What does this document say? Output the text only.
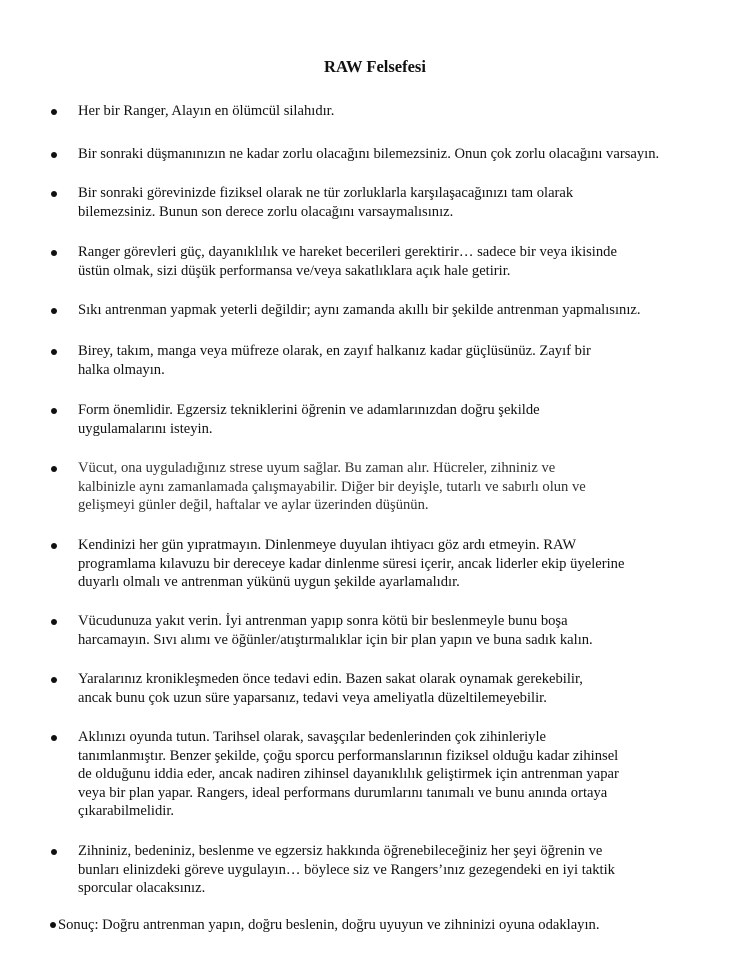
RAW Felsefesi
Her bir Ranger, Alayın en ölümcül silahıdır.
Bir sonraki düşmanınızın ne kadar zorlu olacağını bilemezsiniz. Onun çok zorlu olacağını varsayın.
Bir sonraki görevinizde fiziksel olarak ne tür zorluklarla karşılaşacağınızı tam olarak
bilemezsiniz. Bunun son derece zorlu olacağını varsaymalısınız.
Ranger görevleri güç, dayanıklılık ve hareket becerileri gerektirir… sadece bir veya ikisinde
üstün olmak, sizi düşük performansa ve/veya sakatlıklara açık hale getirir.
Sıkı antrenman yapmak yeterli değildir; aynı zamanda akıllı bir şekilde antrenman yapmalısınız.
Birey, takım, manga veya müfreze olarak, en zayıf halkanız kadar güçlüsünüz. Zayıf bir
halka olmayın.
Form önemlidir. Egzersiz tekniklerini öğrenin ve adamlarınızdan doğru şekilde
uygulamalarını isteyin.
Vücut, ona uyguladığınız strese uyum sağlar. Bu zaman alır. Hücreler, zihniniz ve
kalbinizle aynı zamanlamada çalışmayabilir. Diğer bir deyişle, tutarlı ve sabırlı olun ve
gelişmeyi günler değil, haftalar ve aylar üzerinden düşünün.
Kendinizi her gün yıpratmayın. Dinlenmeye duyulan ihtiyacı göz ardı etmeyin. RAW
programlama kılavuzu bir dereceye kadar dinlenme süresi içerir, ancak liderler ekip üyelerine
duyarlı olmalı ve antrenman yükünü uygun şekilde ayarlamalıdır.
Vücudunuza yakıt verin. İyi antrenman yapıp sonra kötü bir beslenmeyle bunu boşa
harcamayın. Sıvı alımı ve öğünler/atıştırmalıklar için bir plan yapın ve buna sadık kalın.
Yaralarınız kronikleşmeden önce tedavi edin. Bazen sakat olarak oynamak gerekebilir,
ancak bunu çok uzun süre yaparsanız, tedavi veya ameliyatla düzeltilemeyebilir.
Aklınızı oyunda tutun. Tarihsel olarak, savaşçılar bedenlerinden çok zihinleriyle
tanımlanmıştır. Benzer şekilde, çoğu sporcu performanslarının fiziksel olduğu kadar zihinsel
de olduğunu iddia eder, ancak nadiren zihinsel dayanıklılık geliştirmek için antrenman yapar
veya bir plan yapar. Rangers, ideal performans durumlarını tanımalı ve bunu anında ortaya
çıkarabilmelidir.
Zihniniz, bedeniniz, beslenme ve egzersiz hakkında öğrenebileceğiniz her şeyi öğrenin ve
bunları elinizdeki göreve uygulayın… böylece siz ve Rangers’ınız gezegendeki en iyi taktik
sporcular olacaksınız.
Sonuç: Doğru antrenman yapın, doğru beslenin, doğru uyuyun ve zihninizi oyuna odaklayın.
